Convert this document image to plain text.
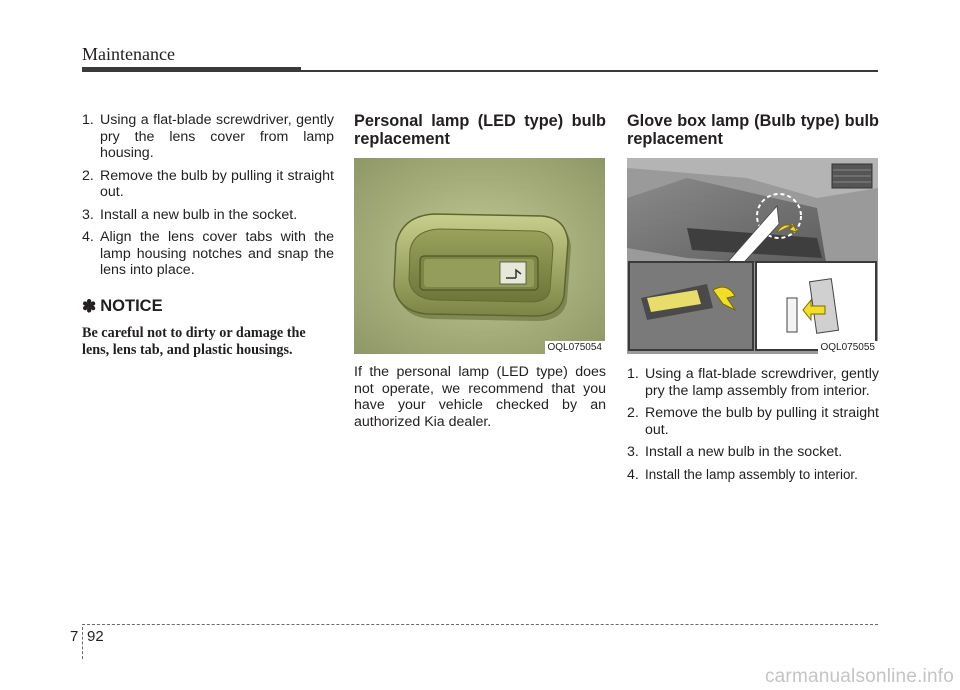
Maintenance
1. Using a flat-blade screwdriver, gently pry the lens cover from lamp housing.
2. Remove the bulb by pulling it straight out.
3. Install a new bulb in the socket.
4. Align the lens cover tabs with the lamp housing notches and snap the lens into place.
✽ NOTICE
Be careful not to dirty or damage the lens, lens tab, and plastic housings.
Personal lamp (LED type) bulb replacement
OQL075054
If the personal lamp (LED type) does not operate, we recommend that you have your vehicle checked by an authorized Kia dealer.
Glove box lamp (Bulb type) bulb replacement
OQL075055
1. Using a flat-blade screwdriver, gently pry the lamp assembly from interior.
2. Remove the bulb by pulling it straight out.
3. Install a new bulb in the socket.
4. Install the lamp assembly to interior.
7 92
carmanualsonline.info
